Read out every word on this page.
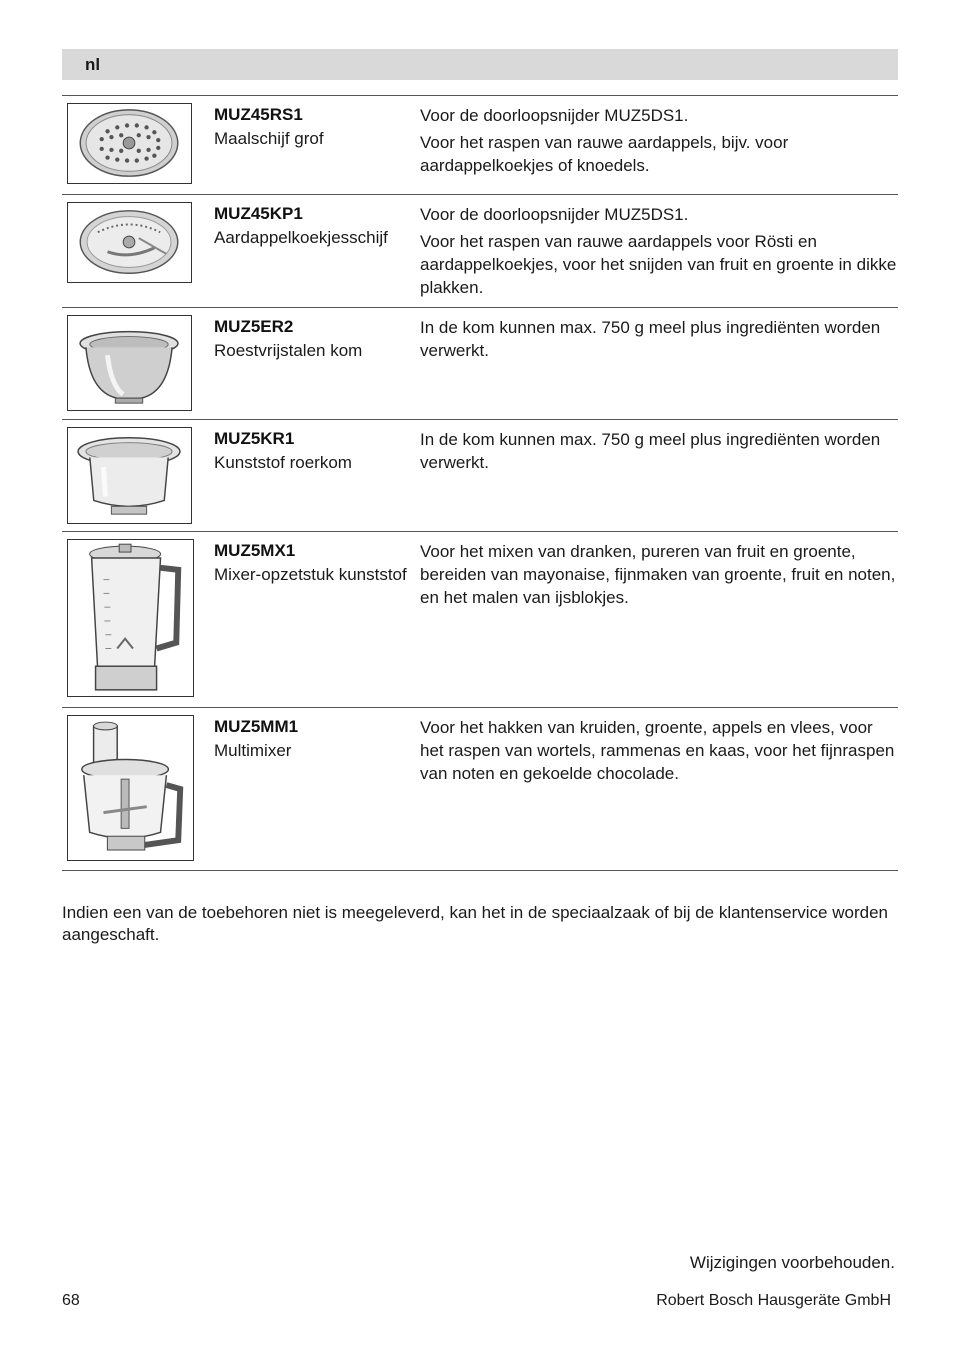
nl
MUZ45RS1
Maalschijf grof

Voor de doorloopsnijder MUZ5DS1.

Voor het raspen van rauwe aardappels, bijv. voor aardappelkoekjes of knoedels.

MUZ45KP1
Aardappelkoekjesschijf

Voor de doorloopsnijder MUZ5DS1.

Voor het raspen van rauwe aardappels voor Rösti en aardappelkoekjes, voor het snijden van fruit en groente in dikke plakken.

MUZ5ER2
Roestvrijstalen kom

In de kom kunnen max. 750 g meel plus ingrediënten worden verwerkt.

MUZ5KR1
Kunststof roerkom

In de kom kunnen max. 750 g meel plus ingrediënten worden verwerkt.

MUZ5MX1
Mixer-opzetstuk kunststof

Voor het mixen van dranken, pureren van fruit en groente, bereiden van mayonaise, fijnmaken van groente, fruit en noten, en het malen van ijsblokjes.

MUZ5MM1
Multimixer

Voor het hakken van kruiden, groente, appels en vlees, voor het raspen van wortels, rammenas en kaas, voor het fijnraspen van noten en gekoelde chocolade.

Indien een van de toebehoren niet is meegeleverd, kan het in de speciaalzaak of bij de klantenservice worden aangeschaft.
Wijzigingen voorbehouden.
68	Robert Bosch Hausgeräte GmbH
